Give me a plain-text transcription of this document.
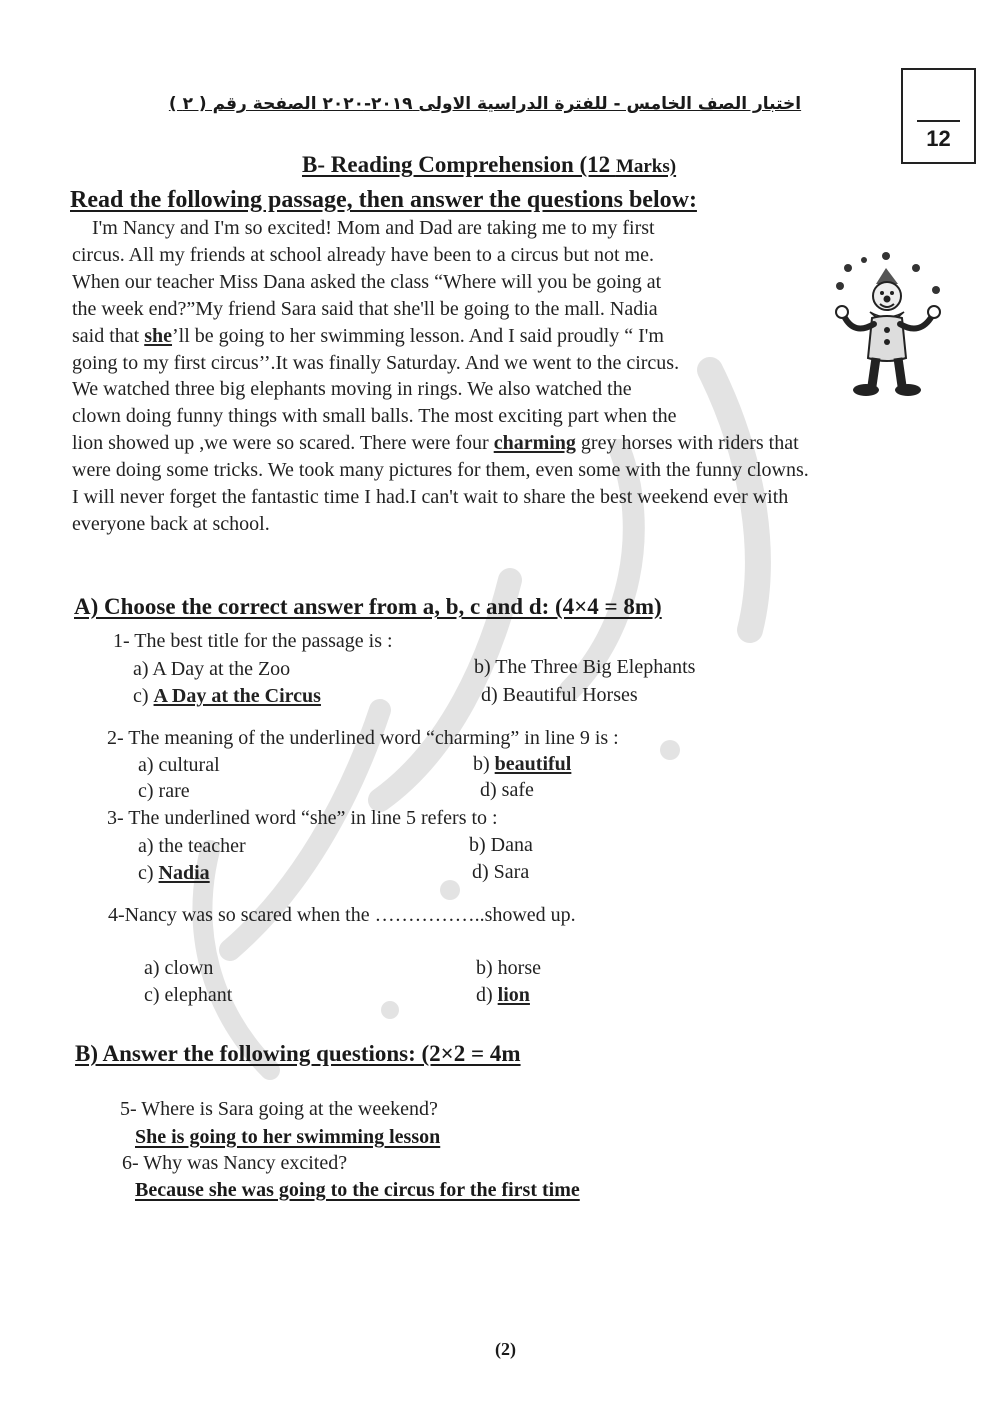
12
اختبار الصف الخامس - للفترة الدراسية الاولى ٢٠١٩-٢٠٢٠ الصفحة رقم ( ٢ )
B- Reading Comprehension (12 Marks)
Read the following passage, then answer the questions below:
I'm Nancy and I'm so excited! Mom and Dad are taking me to my first
circus. All my friends at school already have been to a circus but not me.
When our teacher Miss Dana asked the class “Where will you be going at
the week end?”My friend Sara said that she'll be going to the mall. Nadia
said that she’ll be going to her swimming lesson. And I said proudly “ I'm
going to my first circus’’.It was finally Saturday. And we went to the circus.
We watched three big elephants moving in rings. We also watched the
clown doing funny things with small balls. The most exciting part when the
lion showed up ,we were so scared. There were four charming grey horses with riders that
were doing some tricks. We took many pictures for them, even some with the funny clowns.
I will never forget the fantastic time I had.I can't wait to share the best weekend ever with
everyone back at school.
A) Choose the correct answer from a, b, c and d: (4×4 = 8m)
1- The best title for the passage is :
a) A Day at the Zoo	b) The Three Big Elephants
c) A Day at the Circus	d) Beautiful Horses
2- The meaning of the underlined word “charming” in line 9 is :
a) cultural	b) beautiful
c) rare	d) safe
3- The underlined word “she” in line 5 refers to :
a) the teacher	b) Dana
c) Nadia	d) Sara
4-Nancy was so scared when the ……………..showed up.
a) clown	b) horse
c) elephant	d) lion
B) Answer the following questions: (2×2 = 4m
5- Where is Sara going at the weekend?
She is going to her swimming lesson
6- Why was Nancy excited?
Because she was going to the circus for the first time
(2)
